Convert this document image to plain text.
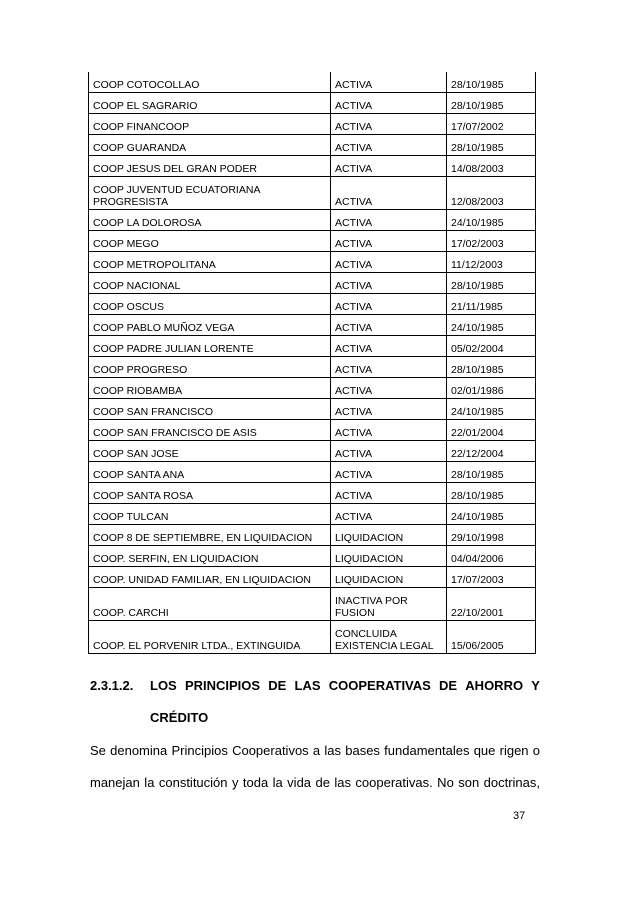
COOP COTOCOLLAO	ACTIVA	28/10/1985
COOP EL SAGRARIO	ACTIVA	28/10/1985
COOP FINANCOOP	ACTIVA	17/07/2002
COOP GUARANDA	ACTIVA	28/10/1985
COOP JESUS DEL GRAN PODER	ACTIVA	14/08/2003
COOP JUVENTUD ECUATORIANA PROGRESISTA	ACTIVA	12/08/2003
COOP LA DOLOROSA	ACTIVA	24/10/1985
COOP MEGO	ACTIVA	17/02/2003
COOP METROPOLITANA	ACTIVA	11/12/2003
COOP NACIONAL	ACTIVA	28/10/1985
COOP OSCUS	ACTIVA	21/11/1985
COOP PABLO MUÑOZ VEGA	ACTIVA	24/10/1985
COOP PADRE JULIAN LORENTE	ACTIVA	05/02/2004
COOP PROGRESO	ACTIVA	28/10/1985
COOP RIOBAMBA	ACTIVA	02/01/1986
COOP SAN FRANCISCO	ACTIVA	24/10/1985
COOP SAN FRANCISCO DE ASIS	ACTIVA	22/01/2004
COOP SAN JOSE	ACTIVA	22/12/2004
COOP SANTA ANA	ACTIVA	28/10/1985
COOP SANTA ROSA	ACTIVA	28/10/1985
COOP TULCAN	ACTIVA	24/10/1985
COOP 8 DE SEPTIEMBRE, EN LIQUIDACION	LIQUIDACION	29/10/1998
COOP. SERFIN, EN LIQUIDACION	LIQUIDACION	04/04/2006
COOP. UNIDAD FAMILIAR, EN LIQUIDACION	LIQUIDACION	17/07/2003
COOP. CARCHI	INACTIVA POR FUSION	22/10/2001
COOP. EL PORVENIR LTDA., EXTINGUIDA	CONCLUIDA EXISTENCIA LEGAL	15/06/2005
2.3.1.2. LOS PRINCIPIOS DE LAS COOPERATIVAS DE AHORRO Y
CRÉDITO
Se denomina Principios Cooperativos a las bases fundamentales que rigen o
manejan la constitución y toda la vida de las cooperativas. No son doctrinas,
37
